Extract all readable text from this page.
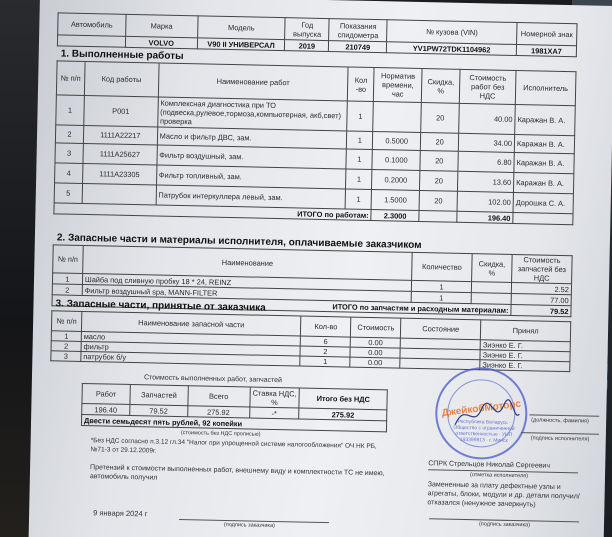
Автомобиль	Марка	Модель	Год выпуска	Показания спидометра	№ кузова (VIN)	Номерной знак
	VOLVO	V90 II УНИВЕРСАЛ	2019	210749	YV1PW72TDK1104962	1981XA7
1. Выполненные работы
№ п/п	Код работы	Наименование работ	Кол -во	Норматив времени, час	Скидка, %	Стоимость работ без НДС	Исполнитель
1	P001	Комплексная диагностика при ТО (подвеска,рулевое,тормоза,компьютерная, акб,свет) проверка	1		20	40.00	Каражан В. А.
2	1111А22217	Масло и фильтр ДВС, зам.	1	0.5000	20	34.00	Каражан В. А.
3	1111А25627	Фильтр воздушный, зам.	1	0.1000	20	6.80	Каражан В. А.
4	1111А23305	Фильтр топливный, зам.	1	0.2000	20	13.60	Каражан В. А.
5		Патрубок интеркуллера левый, зам.	1	1.5000	20	102.00	Дорошка С. А.
ИТОГО по работам:				2.3000		196.40	
2. Запасные части и материалы исполнителя, оплачиваемые заказчиком
№ п/п	Наименование	Количество	Скидка, %	Стоимость запчастей без НДС
1	Шайба под сливную пробку 18 * 24, REINZ	1		2.52
2	Фильтр воздушный spa, MANN-FILTER	1		77.00
ИТОГО по запчастям и расходным материалам:				79.52
3. Запасные части, принятые от заказчика
№ п/п	Наименование запасной части	Кол-во	Стоимость	Состояние	Принял
1	масло	6	0.00		Зиэнко Е. Г.
2	фильтр	2	0.00		Зиэнко Е. Г.
3	патрубок б/у	1	0.00		Зиэнко Е. Г.
Стоимость выполненных работ, запчастей
Работ	Запчастей	Всего	Ставка НДС, %	Итого без НДС
196.40	79.52	275.92	-*	275.92
Двести семьдесят пять рублей, 92 копейки				
(стоимость без НДС прописью)
*Без НДС согласно п.3.12 гл.34 "Налог при упрощенной системе налогообложения" ОЧ НК РБ, №71-3 от 29.12.2009г.
Претензий к стоимости выполненных работ, внешнему виду и комплектности ТС не имею, автомобиль получил
9 января 2024 г
(подпись заказчика)
ДжейкобМоторс
Республика Беларусь · Общество с ограниченной ответственностью · УНП 193399813 · г. Минск
(должность, фамилия)
(подпись исполнителя)
СПРК Стрельцов Николай Сергеевич
(отметка исполнителя)
Замененные за плату дефектные узлы и агрегаты, блоки, модули и др. детали получил/отказался (ненужное зачеркнуть)
(подпись заказчика)
